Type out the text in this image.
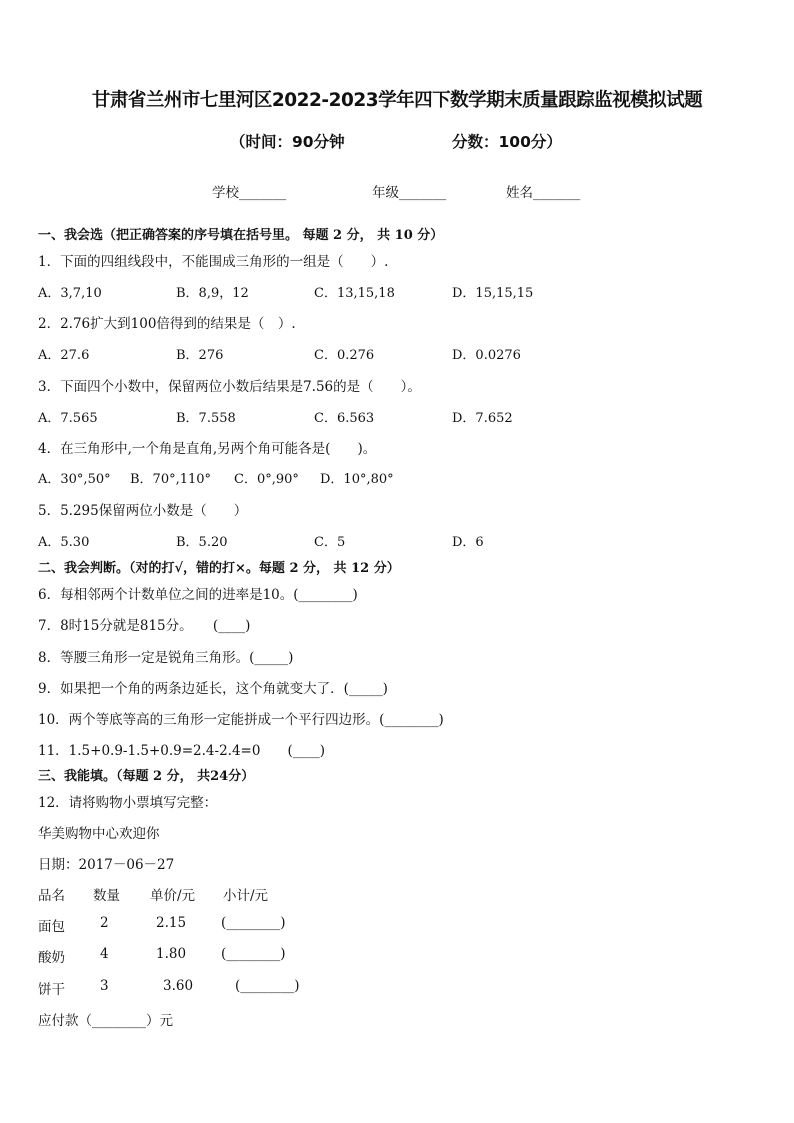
甘肃省兰州市七里河区2022-2023学年四下数学期末质量跟踪监视模拟试题
（时间：90分钟	分数：100分）
学校_______	年级_______	姓名_______
一、我会选（把正确答案的序号填在括号里。 每题 2 分， 共 10 分）
1．下面的四组线段中，不能围成三角形的一组是（　　）.
A．3,7,10	B．8,9，12	C．13,15,18	D．15,15,15
2．2.76扩大到100倍得到的结果是（　）.
A．27.6	B．276	C．0.276	D．0.0276
3．下面四个小数中，保留两位小数后结果是7.56的是（　　）。
A．7.565	B．7.558	C．6.563	D．7.652
4．在三角形中,一个角是直角,另两个角可能各是(　　)。
A．30°,50° B．70°,110° C．0°,90° D．10°,80°
5．5.295保留两位小数是（　　）
A．5.30	B．5.20	C．5	D．6
二、我会判断。（对的打√，错的打×。每题 2 分， 共 12 分）
6．每相邻两个计数单位之间的进率是10。(________)
7．8时15分就是815分。　　(____)
8．等腰三角形一定是锐角三角形。(_____)
9．如果把一个角的两条边延长，这个角就变大了．(_____)
10．两个等底等高的三角形一定能拼成一个平行四边形。(________)
11．1.5+0.9-1.5+0.9=2.4-2.4=0　　(____)
三、我能填。（每题 2 分， 共24分）
12．请将购物小票填写完整：
华美购物中心欢迎你
日期：2017－06－27
品名 数量 单价/元 小计/元
面包	2	2.15	(________)
酸奶	4	1.80	(________)
饼干	3	3.60	(________)
应付款（________）元
